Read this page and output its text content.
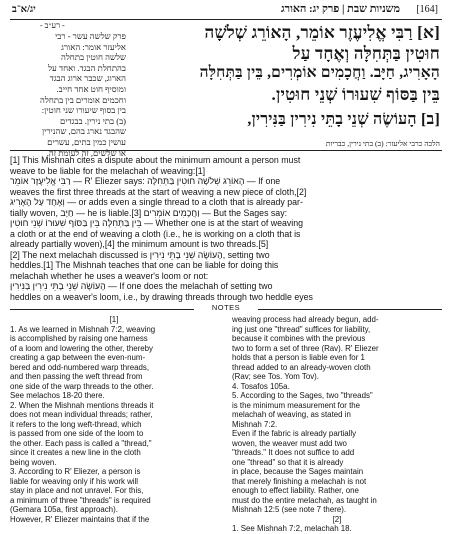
משניות שבת | פרק יג: האורג [164]
יג/א־ב
- רע״ב -	[א] רַבִּי אֱלִיעֶזֶר אוֹמֵר, הָאוֹרֵג שְׁלֹשָׁה
חוּטִין בַּתְּחִלָּה וְאֶחָד עַל
הָאָרִיג, חַיָּב. וַחֲכָמִים אוֹמְרִים, בֵּין בַּתְּחִלָּה
בֵּין בַּסּוֹף שִׁעוּרוֹ שְׁנֵי חוּטִין.
[ב] הָעוֹשֶׂה שְׁנֵי בָתֵּי נִירִין בַּנִּירִין,
הלכה כרבי אליעזר: (ב) בתי נירין, כבריות
פרק שלשה עשר - רבי
אליעזר אומר: האורג
שלשה חוטין בתחלה
בהתחלת הבגד. ואחד על
הארוג, שכבר ארוג הבגד
ומוסיף חוט אחד חייב.
וחכמים אומרים בין בתחלה
בין בסוף שיעורו שני חוטין:
(ב) בתי נירין. בבגדים
שהבגד נארג בהם, שהנירין
עושין כמין בתים, עשרים
או שלשים, זה לעומת זה.
[1] This Mishnah cites a dispute about the minimum amount a person must
weave to be liable for the melachah of weaving:[1]
רַבִּי אֱלִיעֶזֶר אוֹמֵר — R' Eliezer says: הָאוֹרֵג שְׁלֹשָׁה חוּטִין בַּתְּחִלָּה — If one
weaves the first three threads at the start of weaving a new piece of cloth,[2]
וְאֶחָד עַל הָאָרִיג — or adds even a single thread to a cloth that is already par-
tially woven, חַיָּב — he is liable.[3] וַחֲכָמִים אוֹמְרִים — But the Sages say:
בֵּין בַּתְּחִלָּה בֵּין בַּסּוֹף שִׁעוּרוֹ שְׁנֵי חוּטִין — Whether one is at the start of weaving
a cloth or at the end of weaving a cloth (i.e., he is working on a cloth that is
already partially woven),[4] the minimum amount is two threads.[5]
[2] The next melachah discussed is הָעוֹשֶׂה שְׁנֵי בָתֵּי נִירִין, setting two
heddles.[1] The Mishnah teaches that one can be liable for doing this
melachah whether he uses a weaver's loom or not:
הָעוֹשֶׂה שְׁנֵי בָתֵּי נִירִין בַּנִּירִין — If one does the melachah of setting two
heddles on a weaver's loom, i.e., by drawing threads through two heddle eyes
NOTES
[1]
1. As we learned in Mishnah 7:2, weaving
is accomplished by raising one harness
of a loom and lowering the other, thereby
creating a gap between the even-num-
bered and odd-numbered warp threads,
and then passing the weft thread from
one side of the warp threads to the other.
See melachos 18-20 there.
2. When the Mishnah mentions threads it
does not mean individual threads; rather,
it refers to the long weft-thread, which
is passed from one side of the loom to
the other. Each pass is called a "thread,"
since it creates a new line in the cloth
being woven.
3. According to R' Eliezer, a person is
liable for weaving only if his work will
stay in place and not unravel. For this,
a minimum of three "threads" is required
(Gemara 105a, first approach).
However, R' Eliezer maintains that if the
weaving process had already begun, add-
ing just one "thread" suffices for liability,
because it combines with the previous
two to form a set of three (Rav). R' Eliezer
holds that a person is liable even for 1
thread added to an already-woven cloth
(Rav; see Tos. Yom Tov).
4. Tosafos 105a.
5. According to the Sages, two "threads"
is the minimum measurement for the
melachah of weaving, as stated in
Mishnah 7:2.
Even if the fabric is already partially
woven, the weaver must add two
"threads." It does not suffice to add
one "thread" so that it is already
in place, because the Sages maintain
that merely finishing a melachah is not
enough to effect liability. Rather, one
must do the entire melachah, as taught in
Mishnah 12:5 (see note 7 there).
[2]
1. See Mishnah 7:2, melachah 18.
